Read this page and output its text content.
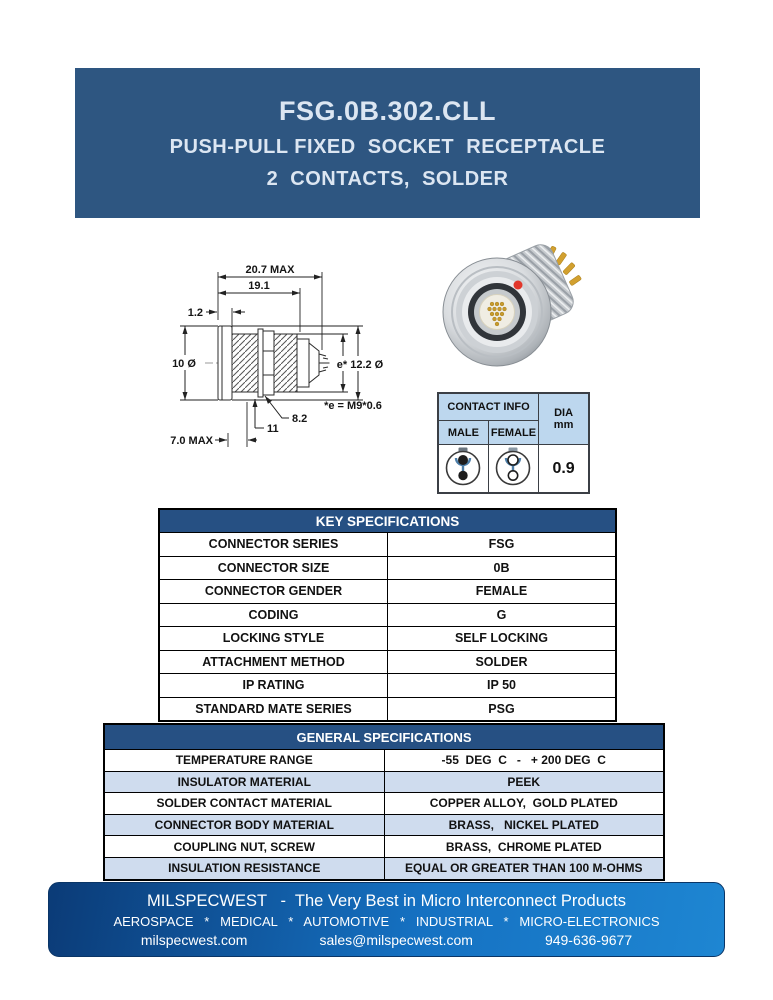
FSG.0B.302.CLL
PUSH-PULL FIXED  SOCKET  RECEPTACLE
2  CONTACTS,  SOLDER
20.7 MAX
19.1
1.2
10 Ø	e* 12.2 Ø
*e = M9*0.6
8.2
11
7.0 MAX
CONTACT INFO		DIA
mm

MALE	FEMALE	
		0.9
KEY SPECIFICATIONS	
CONNECTOR SERIES	FSG
CONNECTOR SIZE	0B
CONNECTOR GENDER	FEMALE
CODING	G
LOCKING STYLE	SELF LOCKING
ATTACHMENT METHOD	SOLDER
IP RATING	IP 50
STANDARD MATE SERIES	PSG
GENERAL SPECIFICATIONS	
TEMPERATURE RANGE	-55  DEG  C   -   + 200 DEG  C
INSULATOR MATERIAL	PEEK
SOLDER CONTACT MATERIAL	COPPER ALLOY,  GOLD PLATED
CONNECTOR BODY MATERIAL	BRASS,   NICKEL PLATED
COUPLING NUT, SCREW	BRASS,  CHROME PLATED
INSULATION RESISTANCE	EQUAL OR GREATER THAN 100 M-OHMS
MILSPECWEST   -  The Very Best in Micro Interconnect Products
AEROSPACE   *   MEDICAL   *   AUTOMOTIVE   *   INDUSTRIAL   *   MICRO-ELECTRONICS
milspecwest.com	sales@milspecwest.com	949-636-9677
